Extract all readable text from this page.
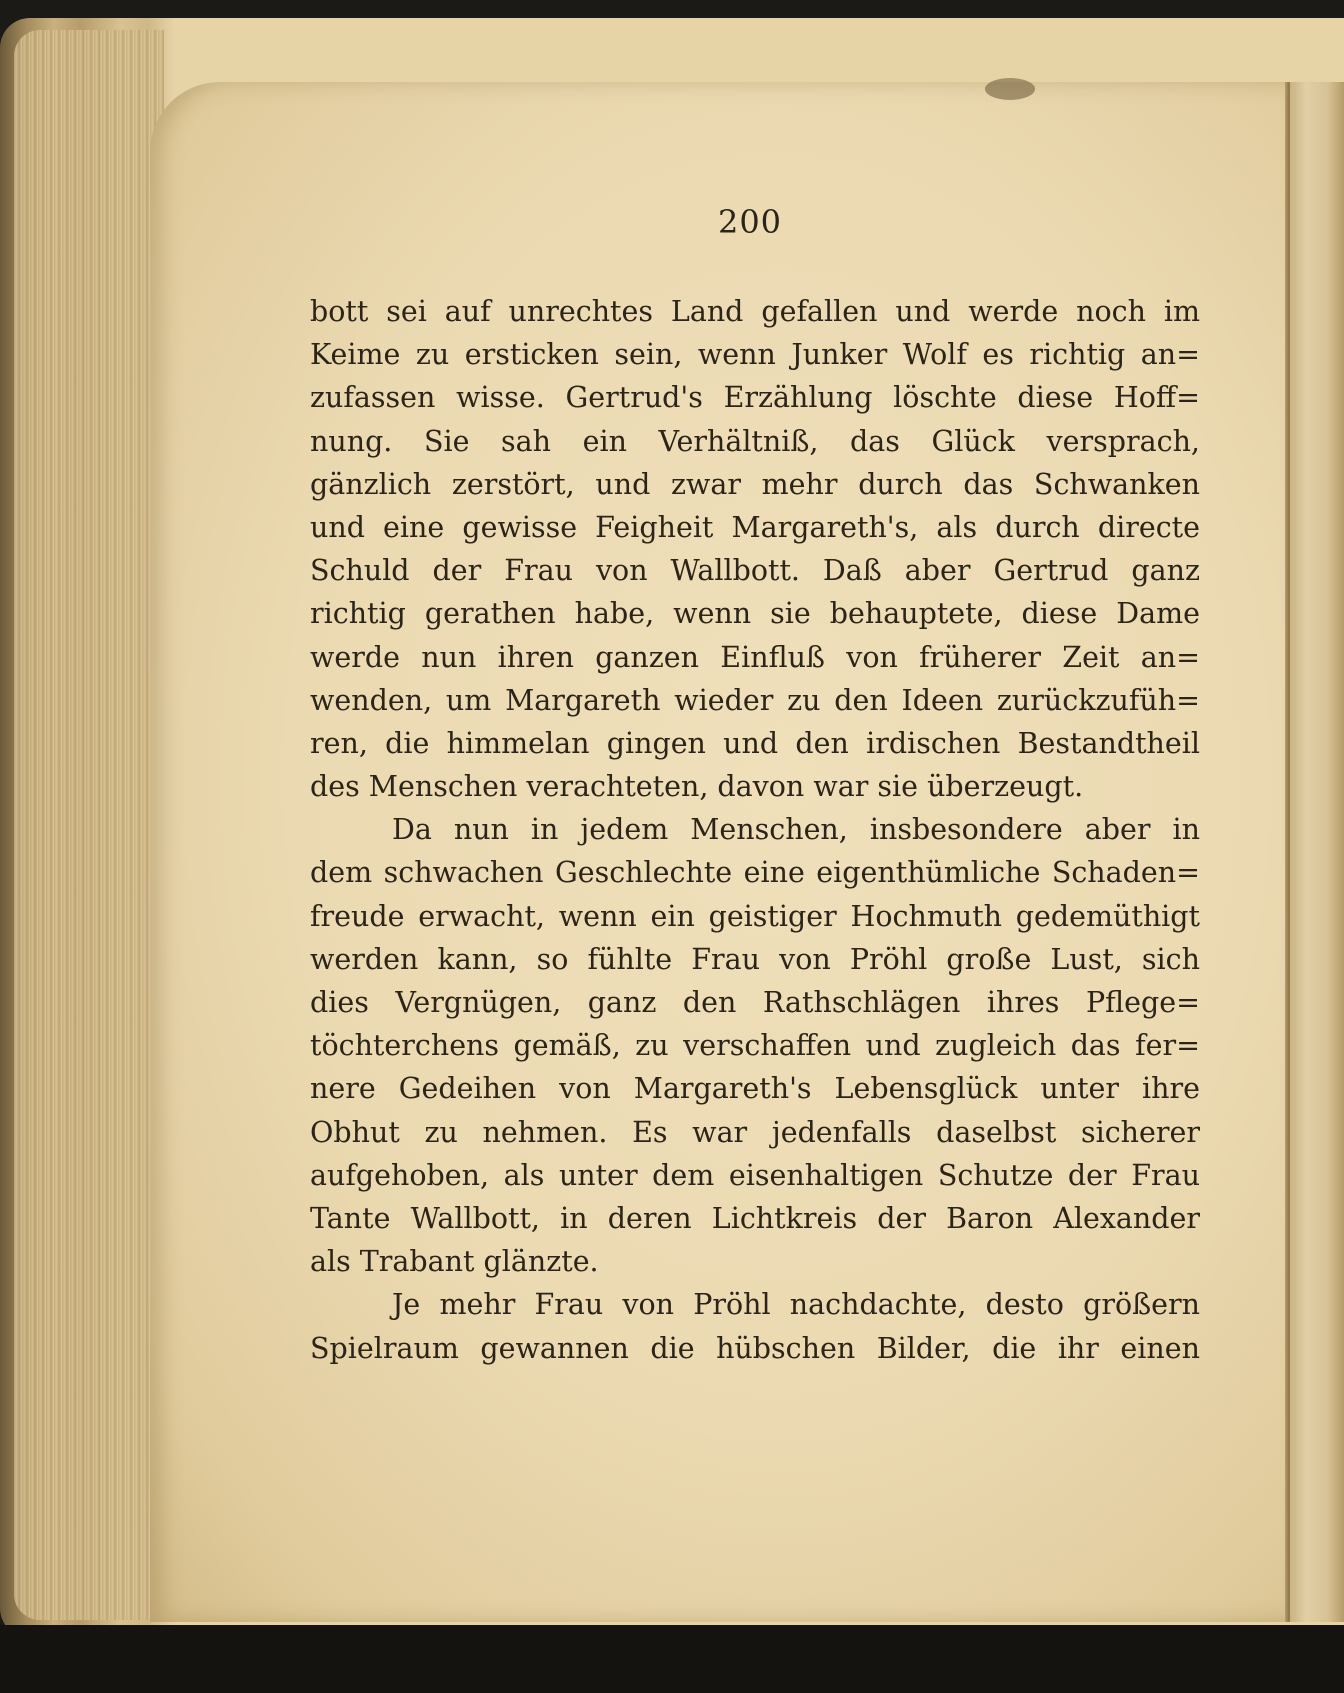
200
bott sei auf unrechtes Land gefallen und werde noch im
Keime zu ersticken sein, wenn Junker Wolf es richtig an=
zufassen wisse. Gertrud's Erzählung löschte diese Hoff=
nung. Sie sah ein Verhältniß, das Glück versprach,
gänzlich zerstört, und zwar mehr durch das Schwanken
und eine gewisse Feigheit Margareth's, als durch directe
Schuld der Frau von Wallbott. Daß aber Gertrud ganz
richtig gerathen habe, wenn sie behauptete, diese Dame
werde nun ihren ganzen Einfluß von früherer Zeit an=
wenden, um Margareth wieder zu den Ideen zurückzufüh=
ren, die himmelan gingen und den irdischen Bestandtheil
des Menschen verachteten, davon war sie überzeugt.
Da nun in jedem Menschen, insbesondere aber in
dem schwachen Geschlechte eine eigenthümliche Schaden=
freude erwacht, wenn ein geistiger Hochmuth gedemüthigt
werden kann, so fühlte Frau von Pröhl große Lust, sich
dies Vergnügen, ganz den Rathschlägen ihres Pflege=
töchterchens gemäß, zu verschaffen und zugleich das fer=
nere Gedeihen von Margareth's Lebensglück unter ihre
Obhut zu nehmen. Es war jedenfalls daselbst sicherer
aufgehoben, als unter dem eisenhaltigen Schutze der Frau
Tante Wallbott, in deren Lichtkreis der Baron Alexander
als Trabant glänzte.
Je mehr Frau von Pröhl nachdachte, desto größern
Spielraum gewannen die hübschen Bilder, die ihr einen
